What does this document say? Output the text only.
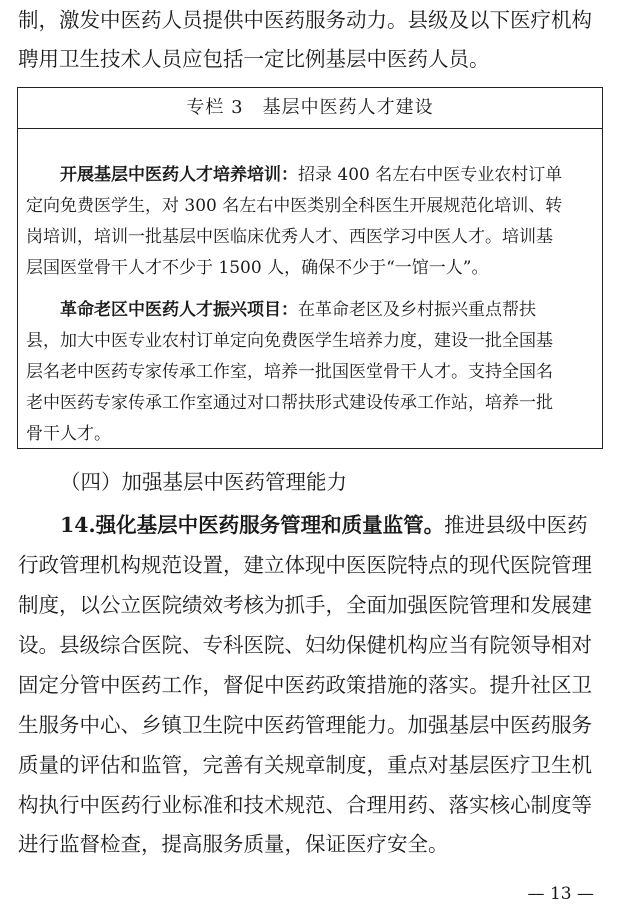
制，激发中医药人员提供中医药服务动力。县级及以下医疗机构

聘用卫生技术人员应包括一定比例基层中医药人员。

专栏 3　基层中医药人才建设

开展基层中医药人才培养培训：招录 400 名左右中医专业农村订单

定向免费医学生，对 300 名左右中医类别全科医生开展规范化培训、转

岗培训，培训一批基层中医临床优秀人才、西医学习中医人才。培训基

层国医堂骨干人才不少于 1500 人，确保不少于“一馆一人”。

革命老区中医药人才振兴项目：在革命老区及乡村振兴重点帮扶

县，加大中医专业农村订单定向免费医学生培养力度，建设一批全国基

层名老中医药专家传承工作室，培养一批国医堂骨干人才。支持全国名

老中医药专家传承工作室通过对口帮扶形式建设传承工作站，培养一批

骨干人才。

（四）加强基层中医药管理能力

14.强化基层中医药服务管理和质量监管。推进县级中医药

行政管理机构规范设置，建立体现中医医院特点的现代医院管理

制度，以公立医院绩效考核为抓手，全面加强医院管理和发展建

设。县级综合医院、专科医院、妇幼保健机构应当有院领导相对

固定分管中医药工作，督促中医药政策措施的落实。提升社区卫

生服务中心、乡镇卫生院中医药管理能力。加强基层中医药服务

质量的评估和监管，完善有关规章制度，重点对基层医疗卫生机

构执行中医药行业标准和技术规范、合理用药、落实核心制度等

进行监督检查，提高服务质量，保证医疗安全。

— 13 —
